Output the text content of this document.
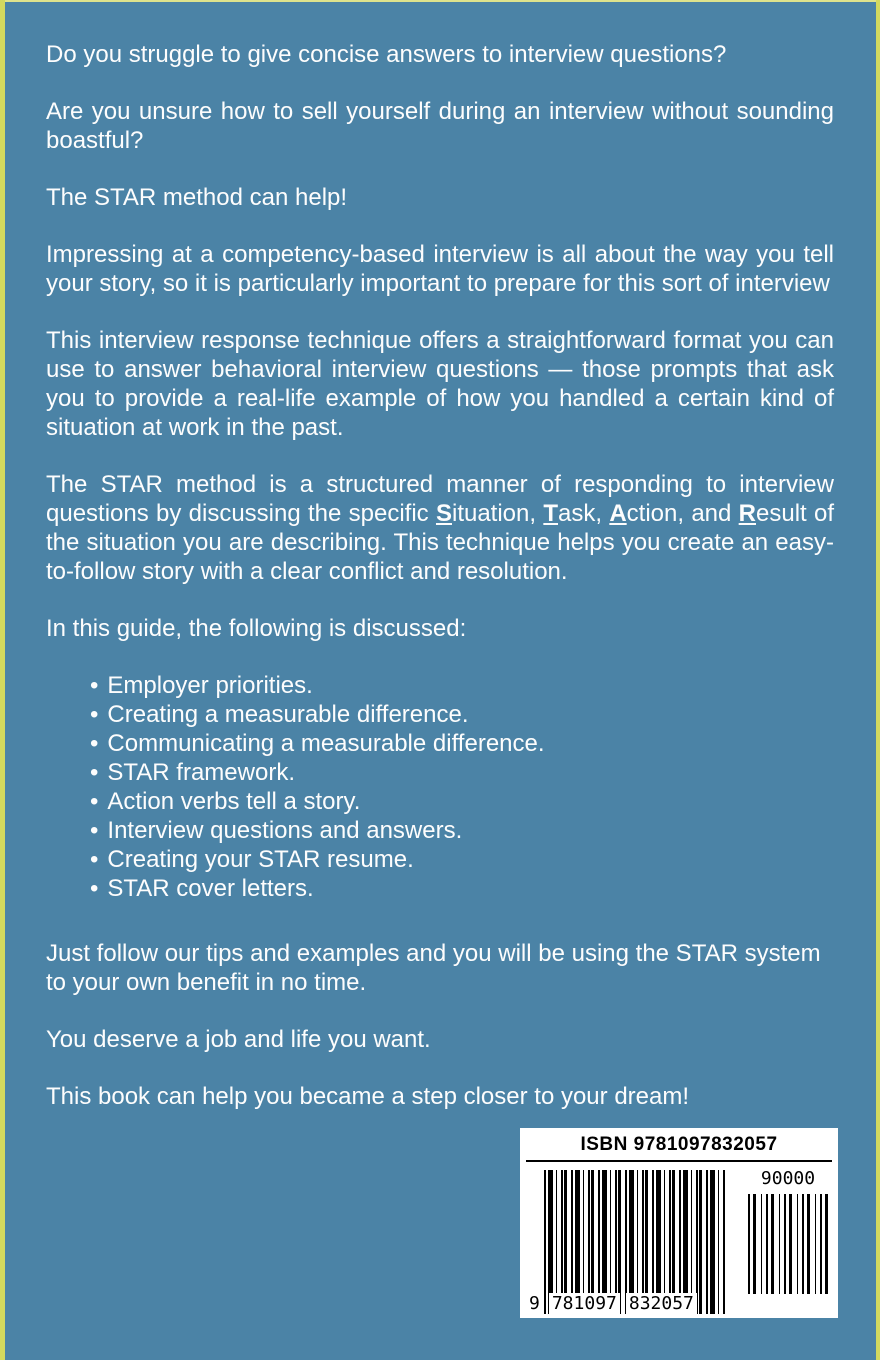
Do you struggle to give concise answers to interview questions?

Are you unsure how to sell yourself during an interview without sounding boastful?

The STAR method can help!

Impressing at a competency-based interview is all about the way you tell your story, so it is particularly important to prepare for this sort of interview

This interview response technique offers a straightforward format you can use to answer behavioral interview questions — those prompts that ask you to provide a real-life example of how you handled a certain kind of situation at work in the past.

The STAR method is a structured manner of responding to interview questions by discussing the specific Situation, Task, Action, and Result of the situation you are describing. This technique helps you create an easy-to-follow story with a clear conflict and resolution.

In this guide, the following is discussed:

• Employer priorities.
• Creating a measurable difference.
• Communicating a measurable difference.
• STAR framework.
• Action verbs tell a story.
• Interview questions and answers.
• Creating your STAR resume.
• STAR cover letters.

Just follow our tips and examples and you will be using the STAR system to your own benefit in no time.

You deserve a job and life you want.

This book can help you became a step closer to your dream!

ISBN 9781097832057
90000
9 781097 832057
